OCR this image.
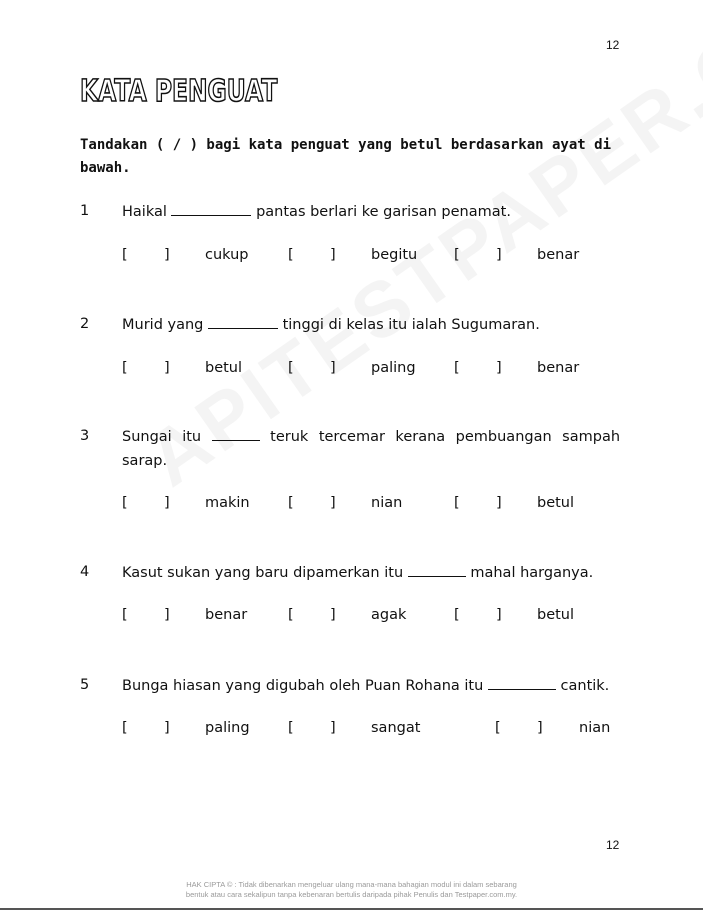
12
KATA PENGUAT
Tandakan ( / ) bagi kata penguat yang betul berdasarkan ayat di bawah.
1 Haikal	pantas berlari ke garisan penamat.
[	] cukup	[	] begitu	[	] benar
2 Murid yang	tinggi di kelas itu ialah Sugumaran.
[	] betul	[	] paling	[	] benar
3 Sungai itu	teruk tercemar kerana pembuangan sampah sarap.
[	] makin	[	] nian	[	] betul
4 Kasut sukan yang baru dipamerkan itu	mahal harganya.
[	] benar	[	] agak	[	] betul
5 Bunga hiasan yang digubah oleh Puan Rohana itu	cantik.
[	] paling	[	] sangat	[	]	nian
12
HAK CIPTA © : Tidak dibenarkan mengeluar ulang mana-mana bahagian modul ini dalam sebarang
bentuk atau cara sekalipun tanpa kebenaran bertulis daripada pihak Penulis dan Testpaper.com.my.
